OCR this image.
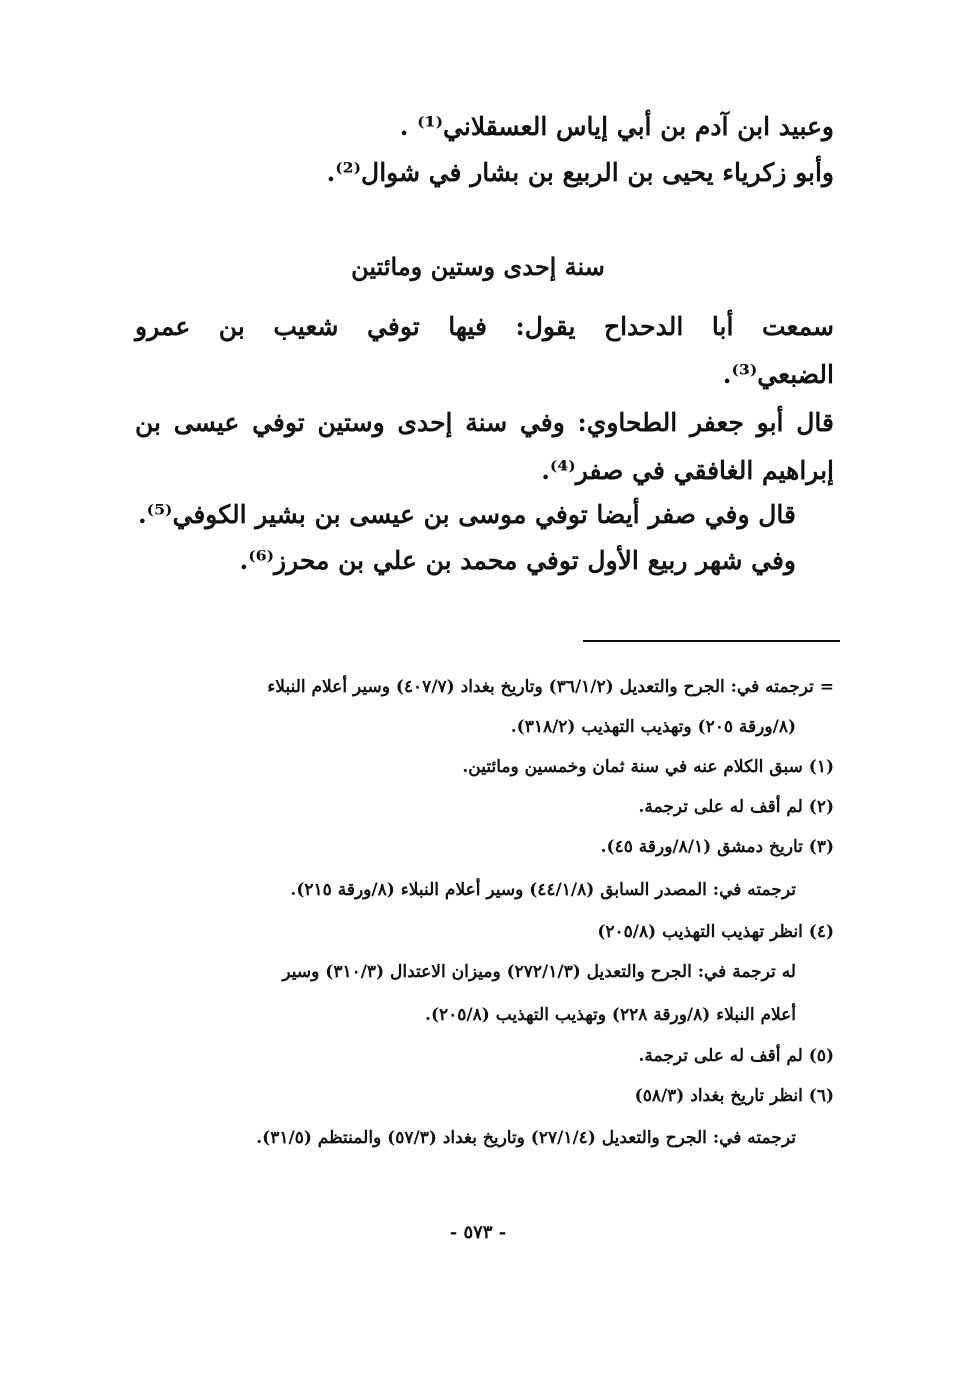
وعبيد ابن آدم بن أبي إياس العسقلاني⁽¹⁾ .
وأبو زكرياء يحيى بن الربيع بن بشار في شوال⁽²⁾.
سنة إحدى وستين ومائتين
سمعت أبا الدحداح يقول: فيها توفي شعيب بن عمرو
الضبعي⁽³⁾.
قال أبو جعفر الطحاوي: وفي سنة إحدى وستين توفي عيسى بن
إبراهيم الغافقي في صفر⁽⁴⁾.
قال وفي صفر أيضا توفي موسى بن عيسى بن بشير الكوفي⁽⁵⁾.
وفي شهر ربيع الأول توفي محمد بن علي بن محرز⁽⁶⁾.
= ترجمته في: الجرح والتعديل (٣٦/١/٢) وتاريخ بغداد (٤٠٧/٧) وسير أعلام النبلاء
(٨/ورقة ٢٠٥) وتهذيب التهذيب (٣١٨/٢).
(١) سبق الكلام عنه في سنة ثمان وخمسين ومائتين.
(٢) لم أقف له على ترجمة.
(٣) تاريخ دمشق (٨/١/ورقة ٤٥).
ترجمته في: المصدر السابق (٤٤/١/٨) وسير أعلام النبلاء (٨/ورقة ٢١٥).
(٤) انظر تهذيب التهذيب (٢٠٥/٨)
له ترجمة في: الجرح والتعديل (٢٧٢/١/٣) وميزان الاعتدال (٣١٠/٣) وسير
أعلام النبلاء (٨/ورقة ٢٢٨) وتهذيب التهذيب (٢٠٥/٨).
(٥) لم أقف له على ترجمة.
(٦) انظر تاريخ بغداد (٥٨/٣)
ترجمته في: الجرح والتعديل (٢٧/١/٤) وتاريخ بغداد (٥٧/٣) والمنتظم (٣١/٥).
- ٥٧٣ -
